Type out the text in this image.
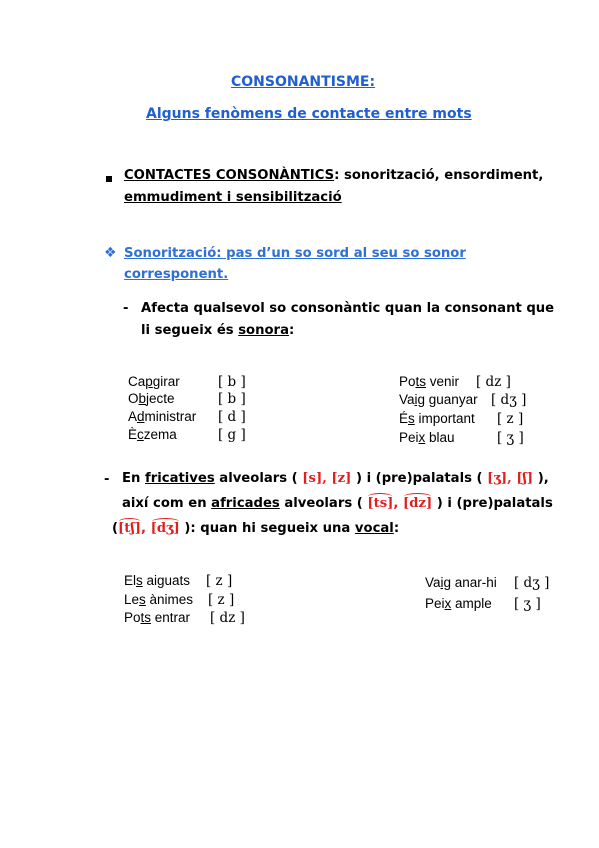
CONSONANTISME:
Alguns fenòmens de contacte entre mots
CONTACTES CONSONÀNTICS: sonorització, ensordiment,
emmudiment i sensibilització
❖ Sonorització: pas d’un so sord al seu so sonor
corresponent.
- Afecta qualsevol so consonàntic quan la consonant que
li segueix és sonora:
Capgirar	[ b ]
Objecte	[ b ]
Administrar [ d ]
Èczema	[ g ]
Pots venir [ dz ]
Vaig guanyar [ dʒ ]
És important [ z ]
Peix blau	[ ʒ ]
- En fricatives alveolars ( [s], [z] ) i (pre)palatals ( [ʒ], [ʃ] ),
així com en africades alveolars ( [ts], [dz] ) i (pre)palatals
([tʃ], [dʒ] ): quan hi segueix una vocal:
Els aiguats [ z ]
Les ànimes [ z ]
Pots entrar [ dz ]
Vaig anar-hi [ dʒ ]
Peix ample [ ʒ ]
